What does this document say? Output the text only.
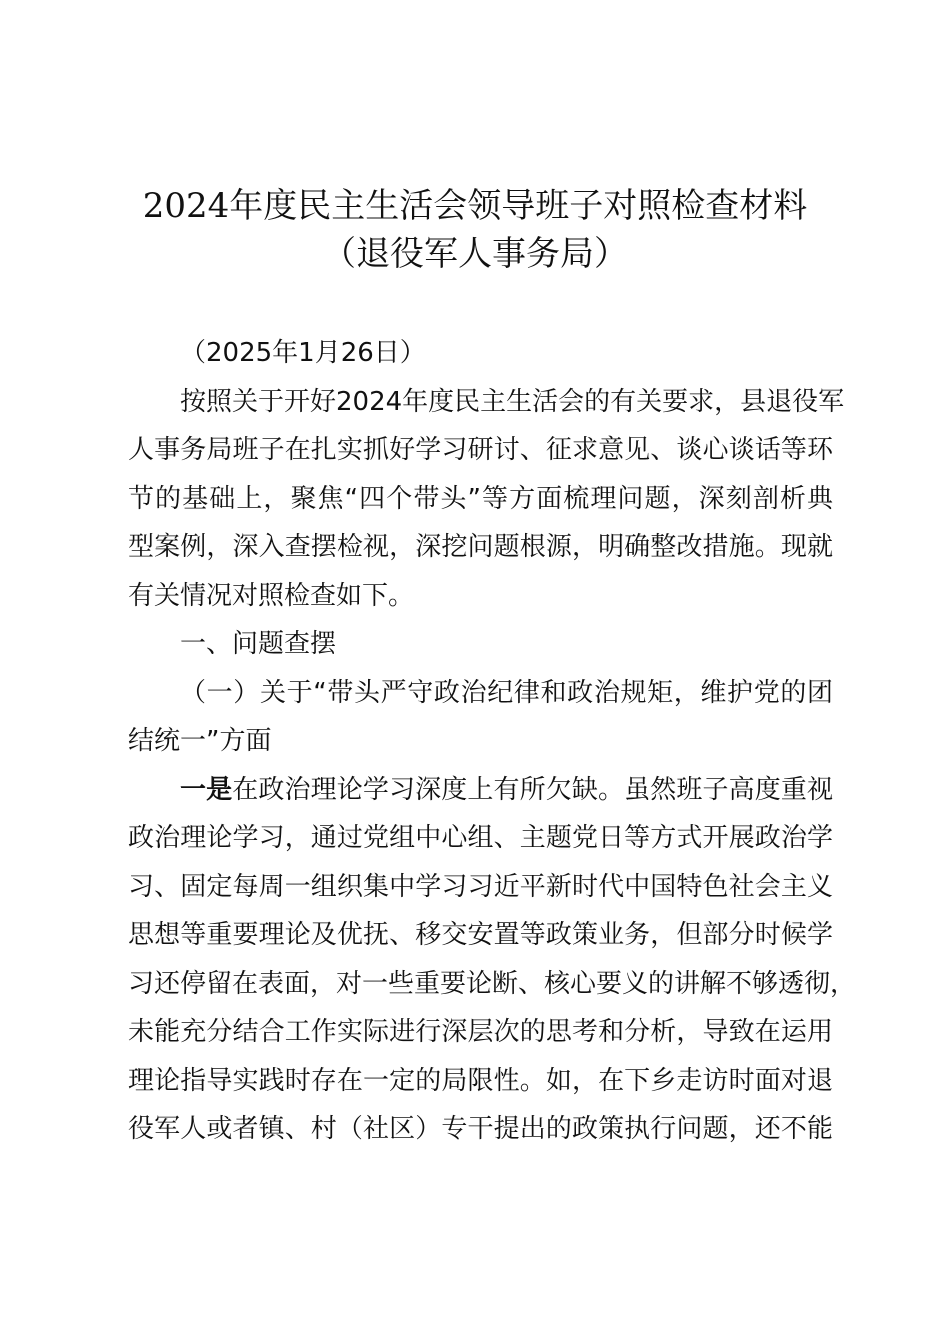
2024年度民主生活会领导班子对照检查材料
（退役军人事务局）
（2025年1月26日）
按照关于开好2024年度民主生活会的有关要求，县退役军
人事务局班子在扎实抓好学习研讨、征求意见、谈心谈话等环
节的基础上，聚焦“四个带头”等方面梳理问题，深刻剖析典
型案例，深入查摆检视，深挖问题根源，明确整改措施。现就
有关情况对照检查如下。
一、问题查摆
（一）关于“带头严守政治纪律和政治规矩，维护党的团
结统一”方面
一是在政治理论学习深度上有所欠缺。虽然班子高度重视
政治理论学习，通过党组中心组、主题党日等方式开展政治学
习、固定每周一组织集中学习习近平新时代中国特色社会主义
思想等重要理论及优抚、移交安置等政策业务，但部分时候学
习还停留在表面，对一些重要论断、核心要义的讲解不够透彻，
未能充分结合工作实际进行深层次的思考和分析，导致在运用
理论指导实践时存在一定的局限性。如，在下乡走访时面对退
役军人或者镇、村（社区）专干提出的政策执行问题，还不能
